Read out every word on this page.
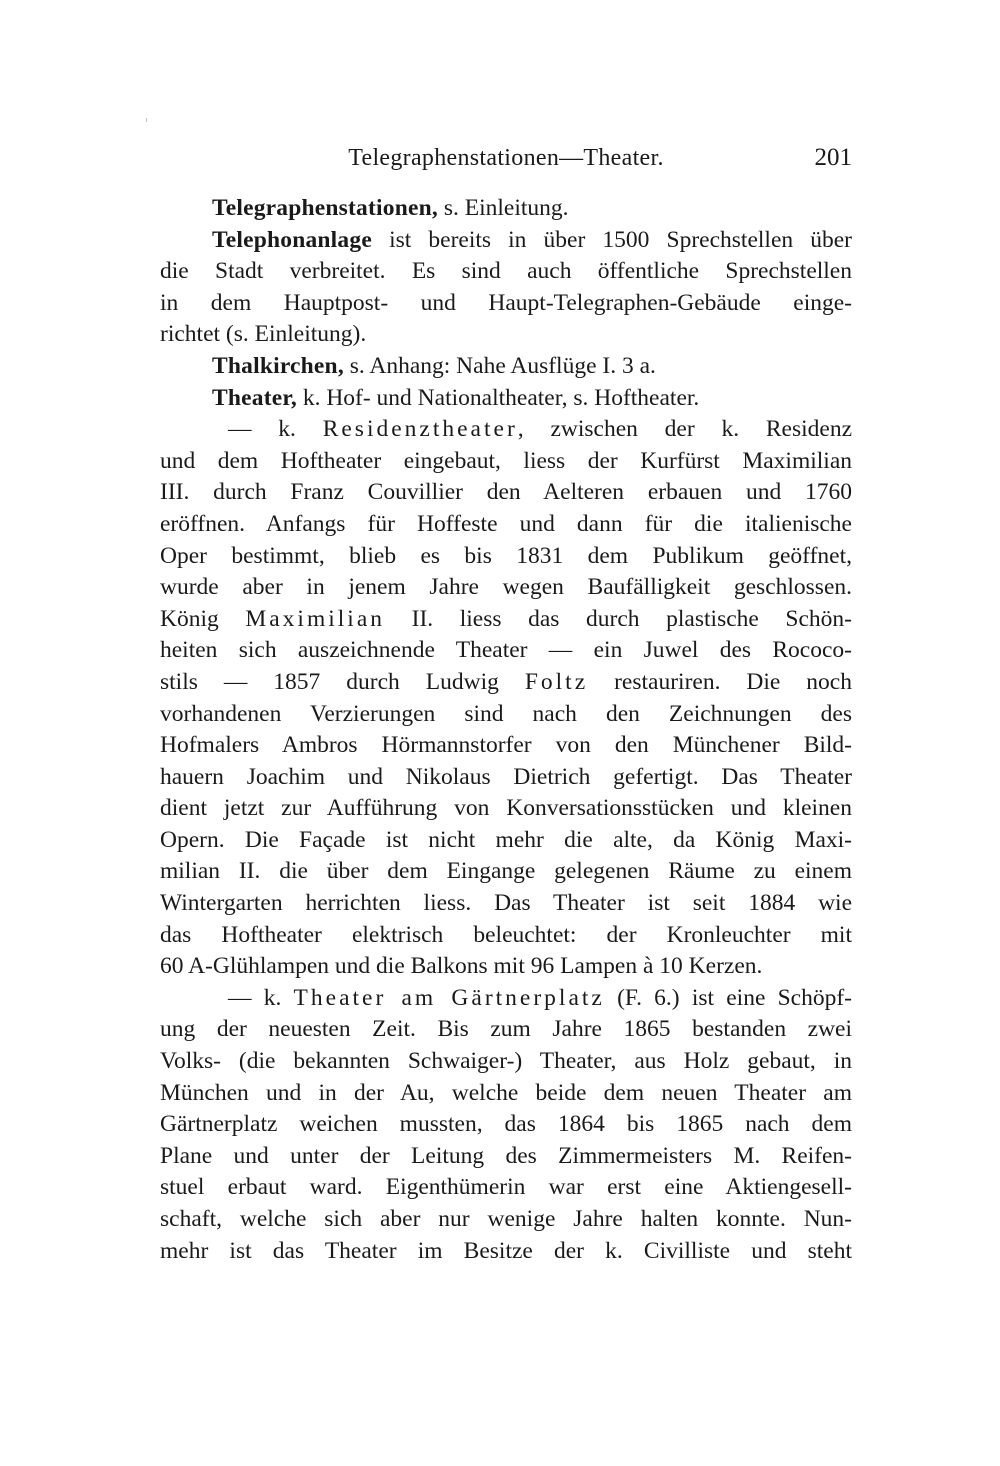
Telegraphenstationen—Theater.	201
Telegraphenstationen, s. Einleitung.
Telephonanlage ist bereits in über 1500 Sprechstellen über
die Stadt verbreitet. Es sind auch öffentliche Sprechstellen
in dem Hauptpost- und Haupt-Telegraphen-Gebäude einge-
richtet (s. Einleitung).
Thalkirchen, s. Anhang: Nahe Ausflüge I. 3 a.
Theater, k. Hof- und Nationaltheater, s. Hoftheater.
— k. Residenztheater, zwischen der k. Residenz
und dem Hoftheater eingebaut, liess der Kurfürst Maximilian
III. durch Franz Couvillier den Aelteren erbauen und 1760
eröffnen. Anfangs für Hoffeste und dann für die italienische
Oper bestimmt, blieb es bis 1831 dem Publikum geöffnet,
wurde aber in jenem Jahre wegen Baufälligkeit geschlossen.
König Maximilian II. liess das durch plastische Schön-
heiten sich auszeichnende Theater — ein Juwel des Rococo-
stils — 1857 durch Ludwig Foltz restauriren. Die noch
vorhandenen Verzierungen sind nach den Zeichnungen des
Hofmalers Ambros Hörmannstorfer von den Münchener Bild-
hauern Joachim und Nikolaus Dietrich gefertigt. Das Theater
dient jetzt zur Aufführung von Konversationsstücken und kleinen
Opern. Die Façade ist nicht mehr die alte, da König Maxi-
milian II. die über dem Eingange gelegenen Räume zu einem
Wintergarten herrichten liess. Das Theater ist seit 1884 wie
das Hoftheater elektrisch beleuchtet: der Kronleuchter mit
60 A-Glühlampen und die Balkons mit 96 Lampen à 10 Kerzen.
— k. Theater am Gärtnerplatz (F. 6.) ist eine Schöpf-
ung der neuesten Zeit. Bis zum Jahre 1865 bestanden zwei
Volks- (die bekannten Schwaiger-) Theater, aus Holz gebaut, in
München und in der Au, welche beide dem neuen Theater am
Gärtnerplatz weichen mussten, das 1864 bis 1865 nach dem
Plane und unter der Leitung des Zimmermeisters M. Reifen-
stuel erbaut ward. Eigenthümerin war erst eine Aktiengesell-
schaft, welche sich aber nur wenige Jahre halten konnte. Nun-
mehr ist das Theater im Besitze der k. Civilliste und steht
